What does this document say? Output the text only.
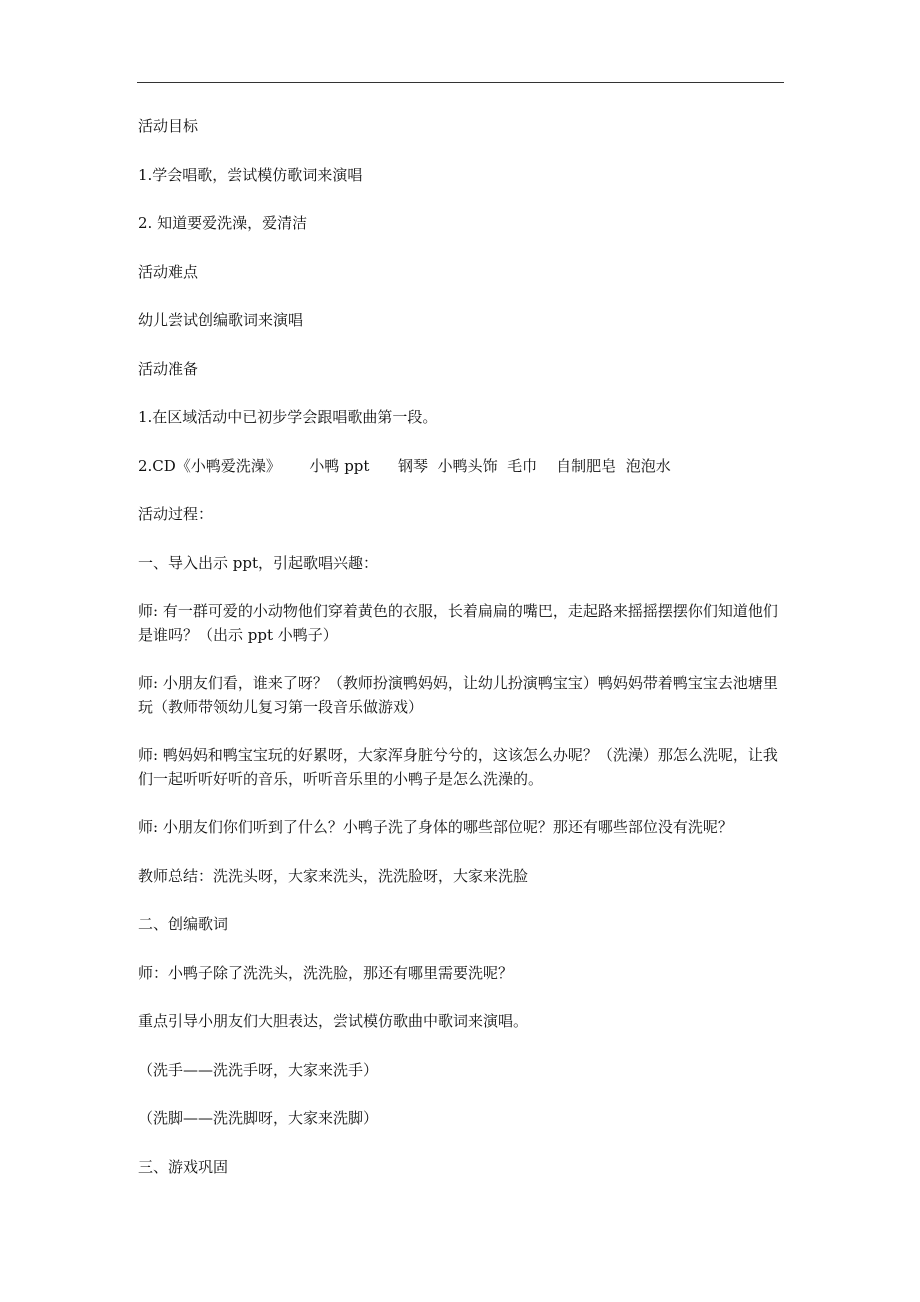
活动目标

1.学会唱歌，尝试模仿歌词来演唱

2. 知道要爱洗澡，爱清洁

活动难点

幼儿尝试创编歌词来演唱

活动准备

1.在区域活动中已初步学会跟唱歌曲第一段。

2.CD《小鸭爱洗澡》      小鸭 ppt      钢琴  小鸭头饰  毛巾    自制肥皂  泡泡水

活动过程：

一、导入出示 ppt，引起歌唱兴趣：

师: 有一群可爱的小动物他们穿着黄色的衣服，长着扁扁的嘴巴，走起路来摇摇摆摆你们知道他们是谁吗？（出示 ppt 小鸭子）

师: 小朋友们看，谁来了呀？（教师扮演鸭妈妈，让幼儿扮演鸭宝宝）鸭妈妈带着鸭宝宝去池塘里玩（教师带领幼儿复习第一段音乐做游戏）

师: 鸭妈妈和鸭宝宝玩的好累呀，大家浑身脏兮兮的，这该怎么办呢？（洗澡）那怎么洗呢，让我们一起听听好听的音乐，听听音乐里的小鸭子是怎么洗澡的。

师: 小朋友们你们听到了什么？小鸭子洗了身体的哪些部位呢？那还有哪些部位没有洗呢？

教师总结：洗洗头呀，大家来洗头，洗洗脸呀，大家来洗脸

二、创编歌词

师：小鸭子除了洗洗头，洗洗脸，那还有哪里需要洗呢？

重点引导小朋友们大胆表达，尝试模仿歌曲中歌词来演唱。

（洗手——洗洗手呀，大家来洗手）

（洗脚——洗洗脚呀，大家来洗脚）

三、游戏巩固
